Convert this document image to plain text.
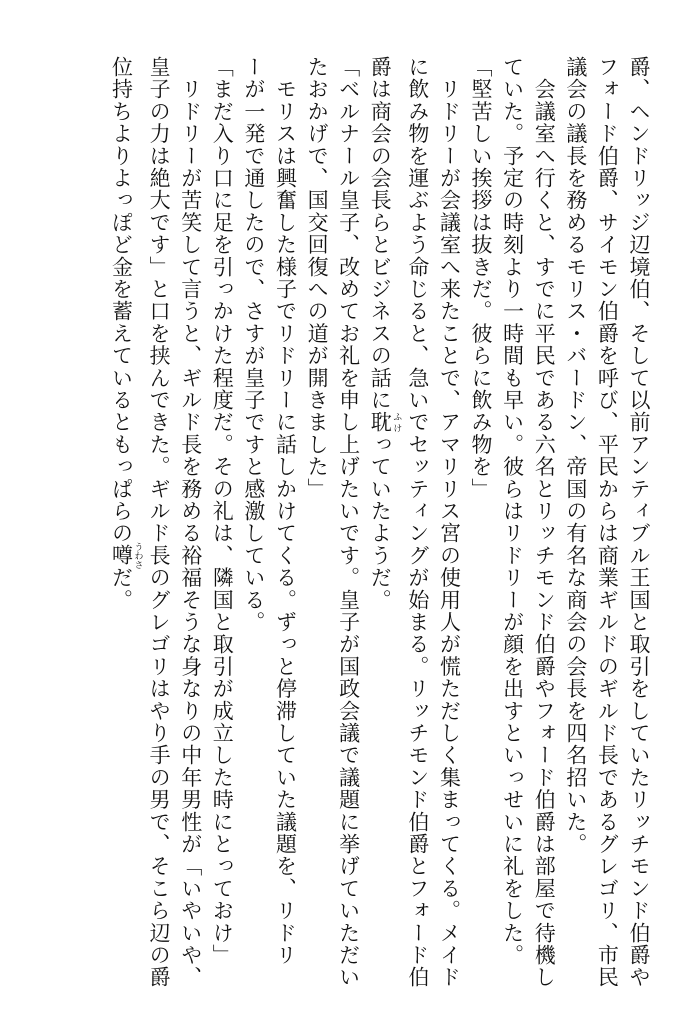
爵、ヘンドリッジ辺境伯、そして以前アンティブル王国と取引をしていたリッチモンド伯爵や

フォード伯爵、サイモン伯爵を呼び、平民からは商業ギルドのギルド長であるグレゴリ、市民

議会の議長を務めるモリス・バードン、帝国の有名な商会の会長を四名招いた。

　会議室へ行くと、すでに平民である六名とリッチモンド伯爵やフォード伯爵は部屋で待機し

ていた。予定の時刻より一時間も早い。彼らはリドリーが顔を出すといっせいに礼をした。

「堅苦しい挨拶は抜きだ。彼らに飲み物を」

　リドリーが会議室へ来たことで、アマリリス宮の使用人が慌ただしく集まってくる。メイド

に飲み物を運ぶよう命じると、急いでセッティングが始まる。リッチモンド伯爵とフォード伯

爵は商会の会長らとビジネスの話に耽 ふけっていたようだ。

「ベルナール皇子、改めてお礼を申し上げたいです。皇子が国政会議で議題に挙げていただい

たおかげで、国交回復への道が開きました」

　モリスは興奮した様子でリドリーに話しかけてくる。ずっと停滞していた議題を、リドリ

ーが一発で通したので、さすが皇子ですと感激している。

「まだ入り口に足を引っかけた程度だ。その礼は、隣国と取引が成立した時にとっておけ」

　リドリーが苦笑して言うと、ギルド長を務める裕福そうな身なりの中年男性が「いやいや、

皇子の力は絶大です」と口を挟んできた。ギルド長のグレゴリはやり手の男で、そこら辺の爵

位持ちよりよっぽど金を蓄えているともっぱらの噂 うわさだ。
